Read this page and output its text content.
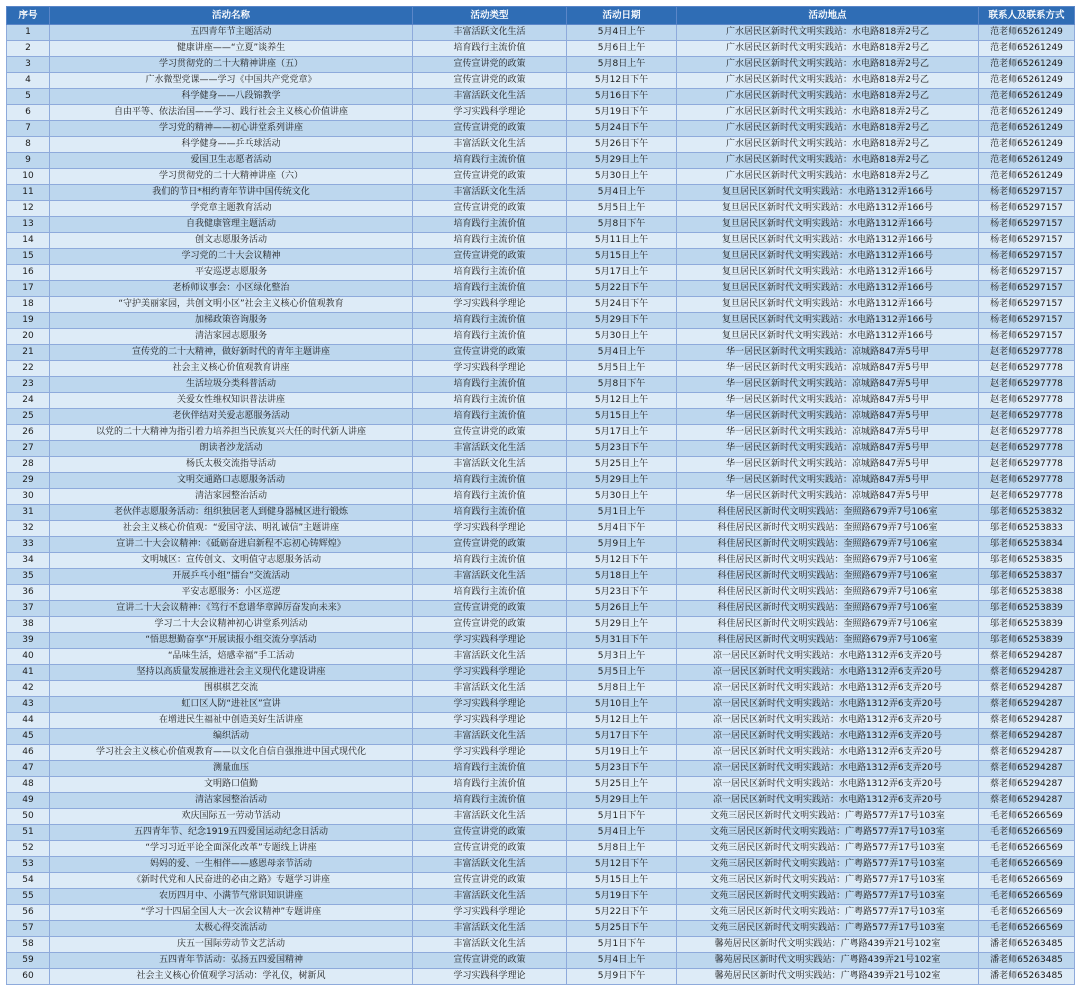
序号	活动名称	活动类型	活动日期	活动地点	联系人及联系方式
1	五四青年节主题活动	丰富活跃文化生活	5月4日上午	广水居民区新时代文明实践站：水电路818弄2号乙	范老师65261249
2	健康讲座——“立夏”谈养生	培育践行主流价值	5月6日上午	广水居民区新时代文明实践站：水电路818弄2号乙	范老师65261249
3	学习贯彻党的二十大精神讲座（五）	宣传宣讲党的政策	5月8日上午	广水居民区新时代文明实践站：水电路818弄2号乙	范老师65261249
4	广水微型党课——学习《中国共产党党章》	宣传宣讲党的政策	5月12日下午	广水居民区新时代文明实践站：水电路818弄2号乙	范老师65261249
5	科学健身——八段锦教学	丰富活跃文化生活	5月16日下午	广水居民区新时代文明实践站：水电路818弄2号乙	范老师65261249
6	自由平等、依法治国——学习、践行社会主义核心价值讲座	学习实践科学理论	5月19日下午	广水居民区新时代文明实践站：水电路818弄2号乙	范老师65261249
7	学习党的精神——初心讲堂系列讲座	宣传宣讲党的政策	5月24日下午	广水居民区新时代文明实践站：水电路818弄2号乙	范老师65261249
8	科学健身——乒乓球活动	丰富活跃文化生活	5月26日下午	广水居民区新时代文明实践站：水电路818弄2号乙	范老师65261249
9	爱国卫生志愿者活动	培育践行主流价值	5月29日上午	广水居民区新时代文明实践站：水电路818弄2号乙	范老师65261249
10	学习贯彻党的二十大精神讲座（六）	宣传宣讲党的政策	5月30日上午	广水居民区新时代文明实践站：水电路818弄2号乙	范老师65261249
11	我们的节日*相约青年节讲中国传统文化	丰富活跃文化生活	5月4日上午	复旦居民区新时代文明实践站：水电路1312弄166号	杨老师65297157
12	学党章主题教育活动	宣传宣讲党的政策	5月5日上午	复旦居民区新时代文明实践站：水电路1312弄166号	杨老师65297157
13	自我健康管理主题活动	培育践行主流价值	5月8日下午	复旦居民区新时代文明实践站：水电路1312弄166号	杨老师65297157
14	创文志愿服务活动	培育践行主流价值	5月11日上午	复旦居民区新时代文明实践站：水电路1312弄166号	杨老师65297157
15	学习党的二十大会议精神	宣传宣讲党的政策	5月15日上午	复旦居民区新时代文明实践站：水电路1312弄166号	杨老师65297157
16	平安巡逻志愿服务	培育践行主流价值	5月17日上午	复旦居民区新时代文明实践站：水电路1312弄166号	杨老师65297157
17	老桥师议事会：小区绿化整治	培育践行主流价值	5月22日下午	复旦居民区新时代文明实践站：水电路1312弄166号	杨老师65297157
18	“守护美丽家园，共创文明小区”社会主义核心价值观教育	学习实践科学理论	5月24日下午	复旦居民区新时代文明实践站：水电路1312弄166号	杨老师65297157
19	加梯政策咨询服务	培育践行主流价值	5月29日下午	复旦居民区新时代文明实践站：水电路1312弄166号	杨老师65297157
20	清洁家园志愿服务	培育践行主流价值	5月30日上午	复旦居民区新时代文明实践站：水电路1312弄166号	杨老师65297157
21	宣传党的二十大精神，做好新时代的青年主题讲座	宣传宣讲党的政策	5月4日上午	华一居民区新时代文明实践站：凉城路847弄5号甲	赵老师65297778
22	社会主义核心价值观教育讲座	学习实践科学理论	5月5日上午	华一居民区新时代文明实践站：凉城路847弄5号甲	赵老师65297778
23	生活垃圾分类科普活动	培育践行主流价值	5月8日下午	华一居民区新时代文明实践站：凉城路847弄5号甲	赵老师65297778
24	关爱女性维权知识普法讲座	培育践行主流价值	5月12日上午	华一居民区新时代文明实践站：凉城路847弄5号甲	赵老师65297778
25	老伙伴结对关爱志愿服务活动	培育践行主流价值	5月15日上午	华一居民区新时代文明实践站：凉城路847弄5号甲	赵老师65297778
26	以党的二十大精神为指引着力培养担当民族复兴大任的时代新人讲座	宣传宣讲党的政策	5月17日上午	华一居民区新时代文明实践站：凉城路847弄5号甲	赵老师65297778
27	朗读者沙龙活动	丰富活跃文化生活	5月23日下午	华一居民区新时代文明实践站：凉城路847弄5号甲	赵老师65297778
28	杨氏太极交流指导活动	丰富活跃文化生活	5月25日上午	华一居民区新时代文明实践站：凉城路847弄5号甲	赵老师65297778
29	文明交通路口志愿服务活动	培育践行主流价值	5月29日上午	华一居民区新时代文明实践站：凉城路847弄5号甲	赵老师65297778
30	清洁家园整治活动	培育践行主流价值	5月30日上午	华一居民区新时代文明实践站：凉城路847弄5号甲	赵老师65297778
31	老伙伴志愿服务活动：组织独居老人到健身器械区进行锻炼	培育践行主流价值	5月1日上午	科佳居民区新时代文明实践站：奎照路679弄7号106室	邬老师65253832
32	社会主义核心价值观：“爱国守法、明礼诚信”主题讲座	学习实践科学理论	5月4日下午	科佳居民区新时代文明实践站：奎照路679弄7号106室	邬老师65253833
33	宣讲二十大会议精神：《砥砺奋进启新程不忘初心铸辉煌》	宣传宣讲党的政策	5月9日上午	科佳居民区新时代文明实践站：奎照路679弄7号106室	邬老师65253834
34	文明城区：宣传创文、文明值守志愿服务活动	培育践行主流价值	5月12日下午	科佳居民区新时代文明实践站：奎照路679弄7号106室	邬老师65253835
35	开展乒乓小组“擂台”交流活动	丰富活跃文化生活	5月18日上午	科佳居民区新时代文明实践站：奎照路679弄7号106室	邬老师65253837
36	平安志愿服务：小区巡逻	培育践行主流价值	5月23日下午	科佳居民区新时代文明实践站：奎照路679弄7号106室	邬老师65253838
37	宣讲二十大会议精神：《笃行不怠谱华章踔厉奋发向未来》	宣传宣讲党的政策	5月26日上午	科佳居民区新时代文明实践站：奎照路679弄7号106室	邬老师65253839
38	学习二十大会议精神初心讲堂系列活动	宣传宣讲党的政策	5月29日上午	科佳居民区新时代文明实践站：奎照路679弄7号106室	邬老师65253839
39	“悟思想勤奋享”开展读报小组交流分享活动	学习实践科学理论	5月31日下午	科佳居民区新时代文明实践站：奎照路679弄7号106室	邬老师65253839
40	“品味生活，焙感幸福”手工活动	丰富活跃文化生活	5月3日上午	凉一居民区新时代文明实践站：水电路1312弄6支弄20号	蔡老师65294287
41	坚持以高质量发展推进社会主义现代化建设讲座	学习实践科学理论	5月5日上午	凉一居民区新时代文明实践站：水电路1312弄6支弄20号	蔡老师65294287
42	围棋棋艺交流	丰富活跃文化生活	5月8日上午	凉一居民区新时代文明实践站：水电路1312弄6支弄20号	蔡老师65294287
43	虹口区人防“进社区”宣讲	学习实践科学理论	5月10日上午	凉一居民区新时代文明实践站：水电路1312弄6支弄20号	蔡老师65294287
44	在增进民生福祉中创造美好生活讲座	学习实践科学理论	5月12日上午	凉一居民区新时代文明实践站：水电路1312弄6支弄20号	蔡老师65294287
45	编织活动	丰富活跃文化生活	5月17日下午	凉一居民区新时代文明实践站：水电路1312弄6支弄20号	蔡老师65294287
46	学习社会主义核心价值观教育——以文化自信自强推进中国式现代化	学习实践科学理论	5月19日上午	凉一居民区新时代文明实践站：水电路1312弄6支弄20号	蔡老师65294287
47	测量血压	培育践行主流价值	5月23日下午	凉一居民区新时代文明实践站：水电路1312弄6支弄20号	蔡老师65294287
48	文明路口值勤	培育践行主流价值	5月25日上午	凉一居民区新时代文明实践站：水电路1312弄6支弄20号	蔡老师65294287
49	清洁家园整治活动	培育践行主流价值	5月29日上午	凉一居民区新时代文明实践站：水电路1312弄6支弄20号	蔡老师65294287
50	欢庆国际五一劳动节活动	丰富活跃文化生活	5月1日下午	文苑三居民区新时代文明实践站：广粤路577弄17号103室	毛老师65266569
51	五四青年节、纪念1919五四爱国运动纪念日活动	宣传宣讲党的政策	5月4日上午	文苑三居民区新时代文明实践站：广粤路577弄17号103室	毛老师65266569
52	“学习习近平论全面深化改革”专题线上讲座	宣传宣讲党的政策	5月8日上午	文苑三居民区新时代文明实践站：广粤路577弄17号103室	毛老师65266569
53	妈妈的爱、一生相伴——感恩母亲节活动	丰富活跃文化生活	5月12日下午	文苑三居民区新时代文明实践站：广粤路577弄17号103室	毛老师65266569
54	《新时代党和人民奋进的必由之路》专题学习讲座	宣传宣讲党的政策	5月15日上午	文苑三居民区新时代文明实践站：广粤路577弄17号103室	毛老师65266569
55	农历四月中、小满节气常识知识讲座	丰富活跃文化生活	5月19日下午	文苑三居民区新时代文明实践站：广粤路577弄17号103室	毛老师65266569
56	“学习十四届全国人大一次会议精神”专题讲座	学习实践科学理论	5月22日下午	文苑三居民区新时代文明实践站：广粤路577弄17号103室	毛老师65266569
57	太极心得交流活动	丰富活跃文化生活	5月25日下午	文苑三居民区新时代文明实践站：广粤路577弄17号103室	毛老师65266569
58	庆五一国际劳动节文艺活动	丰富活跃文化生活	5月1日下午	馨苑居民区新时代文明实践站：广粤路439弄21号102室	潘老师65263485
59	五四青年节活动：弘扬五四爱国精神	宣传宣讲党的政策	5月4日上午	馨苑居民区新时代文明实践站：广粤路439弄21号102室	潘老师65263485
60	社会主义核心价值观学习活动：学礼仪，树新风	学习实践科学理论	5月9日下午	馨苑居民区新时代文明实践站：广粤路439弄21号102室	潘老师65263485
